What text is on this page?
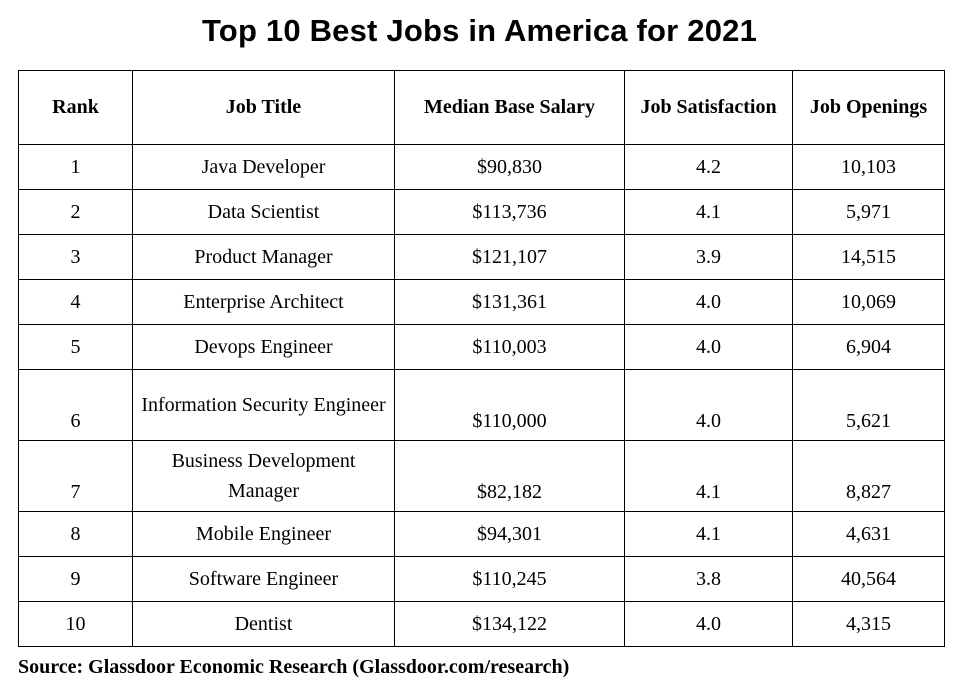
Top 10 Best Jobs in America for 2021
Rank	Job Title	Median Base Salary	Job Satisfaction	Job Openings
1	Java Developer	$90,830	4.2	10,103
2	Data Scientist	$113,736	4.1	5,971
3	Product Manager	$121,107	3.9	14,515
4	Enterprise Architect	$131,361	4.0	10,069
5	Devops Engineer	$110,003	4.0	6,904
6	Information Security Engineer	$110,000	4.0	5,621
7	Business Development Manager	$82,182	4.1	8,827
8	Mobile Engineer	$94,301	4.1	4,631
9	Software Engineer	$110,245	3.8	40,564
10	Dentist	$134,122	4.0	4,315
Source: Glassdoor Economic Research (Glassdoor.com/research)
